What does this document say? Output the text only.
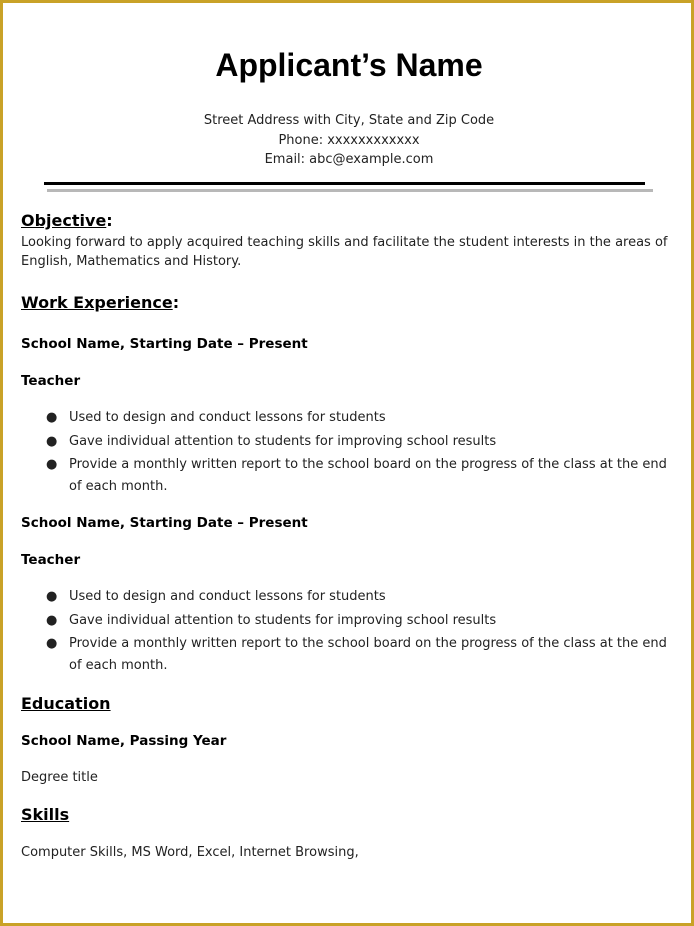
Applicant’s Name
Street Address with City, State and Zip Code
Phone: xxxxxxxxxxxx
Email: abc@example.com
Objective:
Looking forward to apply acquired teaching skills and facilitate the student interests in the areas of English, Mathematics and History.
Work Experience:
School Name, Starting Date – Present
Teacher
● Used to design and conduct lessons for students
● Gave individual attention to students for improving school results
● Provide a monthly written report to the school board on the progress of the class at the end of each month.
School Name, Starting Date – Present
Teacher
● Used to design and conduct lessons for students
● Gave individual attention to students for improving school results
● Provide a monthly written report to the school board on the progress of the class at the end of each month.
Education
School Name, Passing Year
Degree title
Skills
Computer Skills, MS Word, Excel, Internet Browsing,
